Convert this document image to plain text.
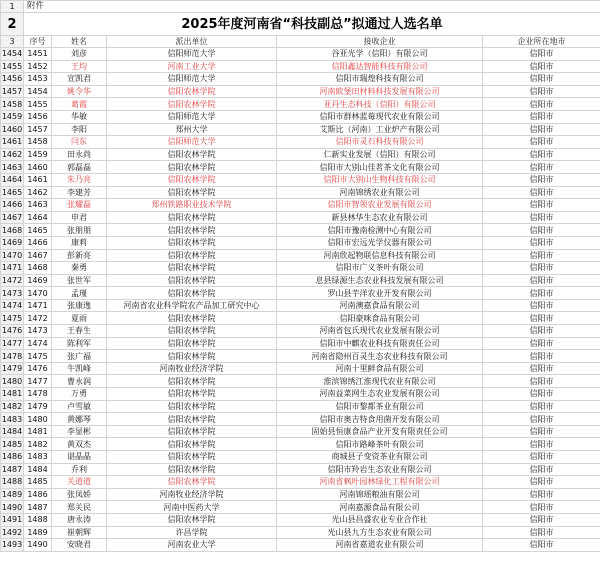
1	附件				
2	2025年度河南省“科技副总”拟通过人选名单				
3	序号	姓名	派出单位	接收企业	企业所在地市
1454	1451	刘彦	信阳师范大学	谷亚光学（信阳）有限公司	信阳市
1455	1452	王均	河南工业大学	信阳鑫达智能科技有限公司	信阳市
1456	1453	宣凯君	信阳师范大学	信阳市瑞煌科技有限公司	信阳市
1457	1454	姚令华	信阳农林学院	河南欧堡田材料科技发展有限公司	信阳市
1458	1455	葛霞	信阳农林学院	亚丹生态科技（信阳）有限公司	信阳市
1459	1456	华敏	信阳师范大学	信阳市群林蓝莓现代农业有限公司	信阳市
1460	1457	李阳	郑州大学	艾斯比（河南）工业炉产有限公司	信阳市
1461	1458	闫东	信阳师范大学	信阳市灵石科技有限公司	信阳市
1462	1459	田永尚	信阳农林学院	仁新实业发展（信阳）有限公司	信阳市
1463	1460	郭磊磊	信阳农林学院	信阳市大别山佳茗茶文化有限公司	信阳市
1464	1461	朱乃亮	信阳农林学院	信阳市大别山生物科技有限公司	信阳市
1465	1462	李建芳	信阳农林学院	河南锦绣农业有限公司	信阳市
1466	1463	张耀磊	郑州铁路职业技术学院	信阳市智领农业发展有限公司	信阳市
1467	1464	申君	信阳农林学院	新县林华生态农业有限公司	信阳市
1468	1465	张朋朋	信阳农林学院	信阳市豫南检测中心有限公司	信阳市
1469	1466	康莉	信阳农林学院	信阳市宏远光学仪器有限公司	信阳市
1470	1467	彭新亮	信阳农林学院	河南欣起物联信息科技有限公司	信阳市
1471	1468	秦勇	信阳农林学院	信阳市广义茶叶有限公司	信阳市
1472	1469	张世军	信阳农林学院	息县绿源生态农业科技发展有限公司	信阳市
1473	1470	孟瑾	信阳农林学院	罗山县芋洋农业开发有限公司	信阳市
1474	1471	张康逸	河南省农业科学院农产品加工研究中心	河南澳嘉食品有限公司	信阳市
1475	1472	夏雨	信阳农林学院	信阳豪咪食品有限公司	信阳市
1476	1473	王春生	信阳农林学院	河南省包氏现代农业发展有限公司	信阳市
1477	1474	陈利军	信阳农林学院	信阳市中麒农业科技有限责任公司	信阳市
1478	1475	张广福	信阳农林学院	河南省隐州百灵生态农业科技有限公司	信阳市
1479	1476	牛凯峰	河南牧业经济学院	河南十里鲜食品有限公司	信阳市
1480	1477	曹永润	信阳农林学院	淮滨锦绣江淮现代农业有限公司	信阳市
1481	1478	万勇	信阳农林学院	河南益菜网生态农业发展有限公司	信阳市
1482	1479	卢雪敏	信阳农林学院	信阳市黎都茶业有限公司	信阳市
1483	1480	黄娜琴	信阳农林学院	信阳市奥吉特食用菌开发有限公司	信阳市
1484	1481	李显彬	信阳农林学院	固始县恒康食品产业开发有限责任公司	信阳市
1485	1482	黄双杰	信阳农林学院	信阳市路峰茶叶有限公司	信阳市
1486	1483	谌晶晶	信阳农林学院	商城县子变资茶业有限公司	信阳市
1487	1484	乔利	信阳农林学院	信阳市羚岩生态农业有限公司	信阳市
1488	1485	关道道	信阳农林学院	河南省枫叶园林绿化工程有限公司	信阳市
1489	1486	张凤娇	河南牧业经济学院	河南锦瑶粮油有限公司	信阳市
1490	1487	郑关民	河南中医药大学	河南嘉源食品有限公司	信阳市
1491	1488	唐永涛	信阳农林学院	光山县昌盛农业专业合作社	信阳市
1492	1489	崔朝辉	许昌学院	光山县九方生态农业有限公司	信阳市
1493	1490	安晓君	河南农业大学	河南省嘉道农业有限公司	信阳市
